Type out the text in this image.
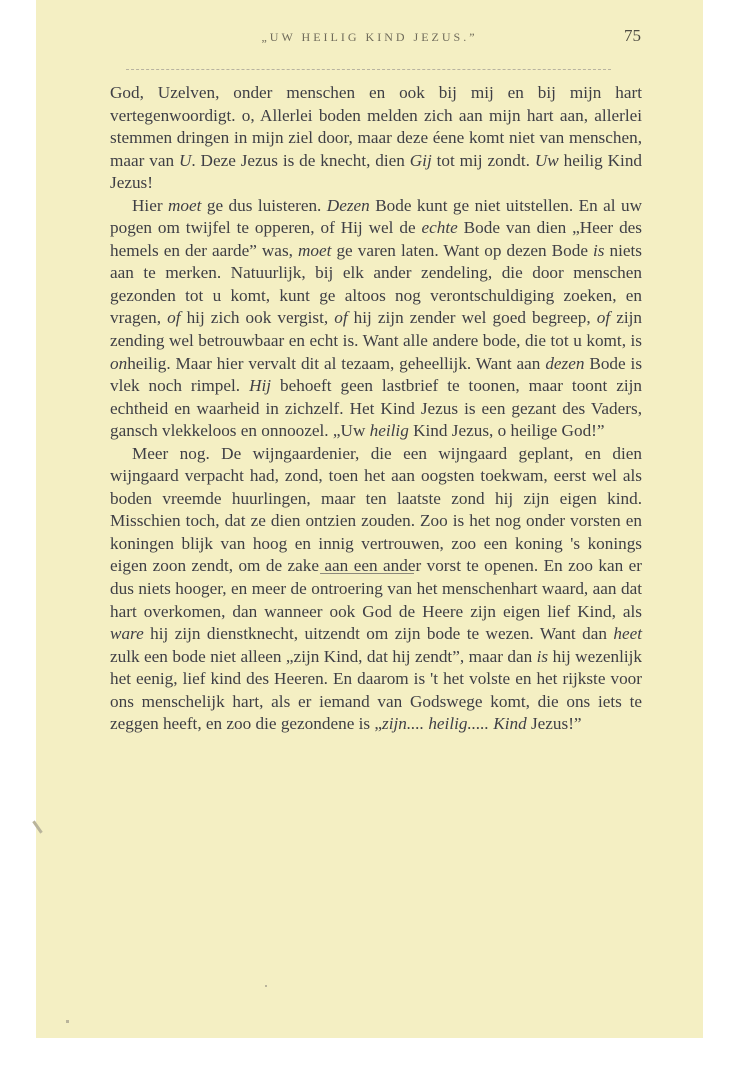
„UW HEILIG KIND JEZUS.”	75

God, Uzelven, onder menschen en ook bij mij en bij mijn hart vertegenwoordigt. o, Allerlei boden melden zich aan mijn hart aan, allerlei stemmen dringen in mijn ziel door, maar deze éene komt niet van menschen, maar van U. Deze Jezus is de knecht, dien Gij tot mij zondt. Uw heilig Kind Jezus!

Hier moet ge dus luisteren. Dezen Bode kunt ge niet uitstellen. En al uw pogen om twijfel te opperen, of Hij wel de echte Bode van dien „Heer des hemels en der aarde” was, moet ge varen laten. Want op dezen Bode is niets aan te merken. Natuurlijk, bij elk ander zendeling, die door menschen gezonden tot u komt, kunt ge altoos nog verontschuldiging zoeken, en vragen, of hij zich ook vergist, of hij zijn zender wel goed begreep, of zijn zending wel betrouwbaar en echt is. Want alle andere bode, die tot u komt, is onheilig. Maar hier vervalt dit al tezaam, geheellijk. Want aan dezen Bode is vlek noch rimpel. Hij behoeft geen lastbrief te toonen, maar toont zijn echtheid en waarheid in zichzelf. Het Kind Jezus is een gezant des Vaders, gansch vlekkeloos en onnoozel. „Uw heilig Kind Jezus, o heilige God!”

Meer nog. De wijngaardenier, die een wijngaard geplant, en dien wijngaard verpacht had, zond, toen het aan oogsten toekwam, eerst wel als boden vreemde huurlingen, maar ten laatste zond hij zijn eigen kind. Misschien toch, dat ze dien ontzien zouden. Zoo is het nog onder vorsten en koningen blijk van hoog en innig vertrouwen, zoo een koning 's konings eigen zoon zendt, om de zake aan een ander vorst te openen. En zoo kan er dus niets hooger, en meer de ontroering van het menschenhart waard, aan dat hart overkomen, dan wanneer ook God de Heere zijn eigen lief Kind, als ware hij zijn dienstknecht, uitzendt om zijn bode te wezen. Want dan heet zulk een bode niet alleen „zijn Kind, dat hij zendt”, maar dan is hij wezenlijk het eenig, lief kind des Heeren. En daarom is 't het volste en het rijkste voor ons menschelijk hart, als er iemand van Godswege komt, die ons iets te zeggen heeft, en zoo die gezondene is „zijn.... heilig..... Kind Jezus!”
